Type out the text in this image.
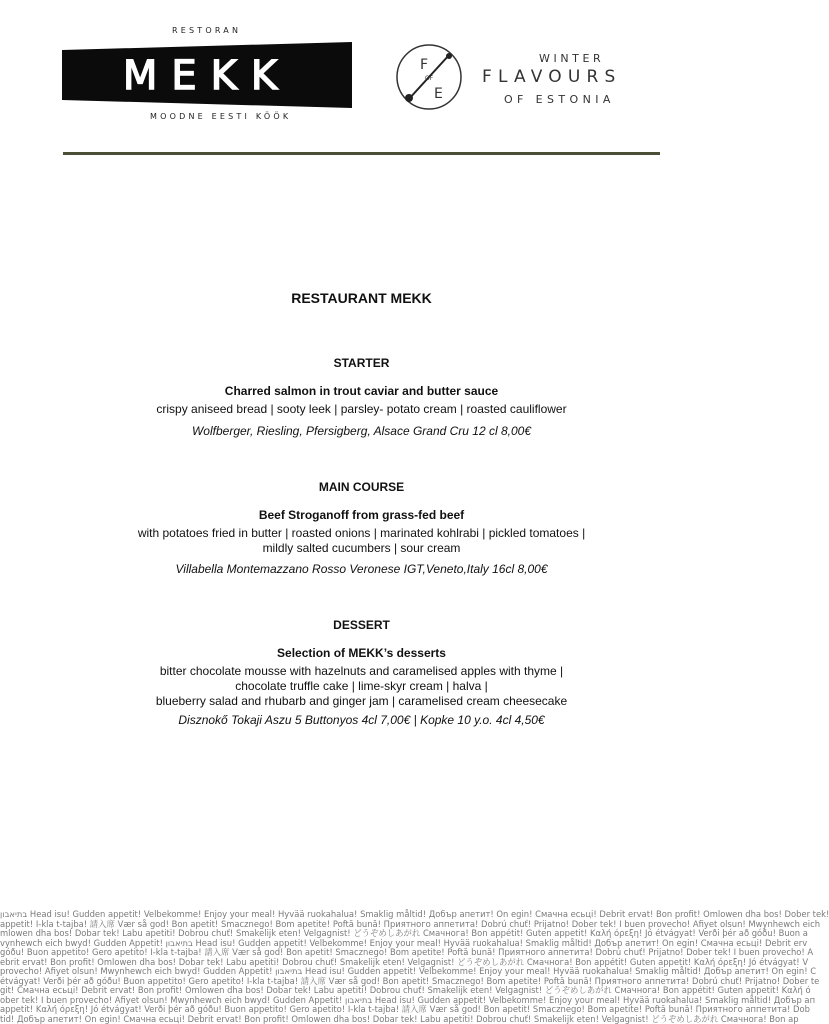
RESTORAN
MEKK
MOODNE EESTI KÖÖK
F
OF
E
WINTER
FLAVOURS
OF ESTONIA
RESTAURANT MEKK
STARTER
Charred salmon in trout caviar and butter sauce
crispy aniseed bread | sooty leek | parsley- potato cream | roasted cauliflower
Wolfberger, Riesling, Pfersigberg, Alsace Grand Cru 12 cl 8,00€
MAIN COURSE
Beef Stroganoff from grass-fed beef
with potatoes fried in butter | roasted onions | marinated kohlrabi | pickled tomatoes |
mildly salted cucumbers | sour cream
Villabella Montemazzano Rosso Veronese IGT,Veneto,Italy 16cl 8,00€
DESSERT
Selection of MEKK’s desserts
bitter chocolate mousse with hazelnuts and caramelised apples with thyme |
chocolate truffle cake | lime-skyr cream | halva |
blueberry salad and rhubarb and ginger jam | caramelised cream cheesecake
Disznokő Tokaji Aszu 5 Buttonyos 4cl 7,00€ | Kopke 10 y.o. 4cl 4,50€
בתיאבון Head isu! Gudden appetit! Velbekomme! Enjoy your meal! Hyvää ruokahalua! Smaklig måltid! Добър апетит! On egin! Смачна ecьці! Debrit ervat! Bon profit! Omlowen dha bos! Dober tek!
appetit! I-kla t-tajba! 請入席 Vær så god! Bon apetit! Smacznego! Bom apetite! Poftă bună! Приятного аппетита! Dobrú chuť! Prijatno! Dober tek! I buen provecho! Afiyet olsun! Mwynhewch eich
mlowen dha bos! Dobar tek! Labu apetiti! Dobrou chuť! Smakelijk eten! Velgagnist! どうぞめしあがれ Смачнога! Bon appétit! Guten appetit! Καλή όρεξη! Jó étvágyat! Verði þér að góðu! Buon a
vynhewch eich bwyd! Gudden Appetit! בתיאבון Head isu! Gudden appetit! Velbekomme! Enjoy your meal! Hyvää ruokahalua! Smaklig måltid! Добър апетит! On egin! Смачна ecьці! Debrit erv
góðu! Buon appetito! Gero apetito! I-kla t-tajba! 請入席 Vær så god! Bon apetit! Smacznego! Bom apetite! Poftă bună! Приятного аппетита! Dobrú chuť! Prijatno! Dober tek! I buen provecho! A
ebrit ervat! Bon profit! Omlowen dha bos! Dobar tek! Labu apetiti! Dobrou chuť! Smakelijk eten! Velgagnist! どうぞめしあがれ Смачнога! Bon appétit! Guten appetit! Καλή όρεξη! Jó étvágyat! V
provecho! Afiyet olsun! Mwynhewch eich bwyd! Gudden Appetit! בתיאבון Head isu! Gudden appetit! Velbekomme! Enjoy your meal! Hyvää ruokahalua! Smaklig måltid! Добър апетит! On egin! С
étvágyat! Verði þér að góðu! Buon appetito! Gero apetito! I-kla t-tajba! 請入席 Vær så god! Bon apetit! Smacznego! Bom apetite! Poftă bună! Приятного аппетита! Dobrú chuť! Prijatno! Dober te
git! Смачна ecьці! Debrit ervat! Bon profit! Omlowen dha bos! Dobar tek! Labu apetiti! Dobrou chuť! Smakelijk eten! Velgagnist! どうぞめしあがれ Смачнога! Bon appétit! Guten appetit! Καλή ό
ober tek! I buen provecho! Afiyet olsun! Mwynhewch eich bwyd! Gudden Appetit! בתיאבון Head isu! Gudden appetit! Velbekomme! Enjoy your meal! Hyvää ruokahalua! Smaklig måltid! Добър ап
appetit! Καλή όρεξη! Jó étvágyat! Verði þér að góðu! Buon appetito! Gero apetito! I-kla t-tajba! 請入席 Vær så god! Bon apetit! Smacznego! Bom apetite! Poftă bună! Приятного аппетита! Dob
tid! Добър апетит! On egin! Смачна ecьці! Debrit ervat! Bon profit! Omlowen dha bos! Dobar tek! Labu apetiti! Dobrou chuť! Smakelijk eten! Velgagnist! どうぞめしあがれ Смачнога! Bon ap
